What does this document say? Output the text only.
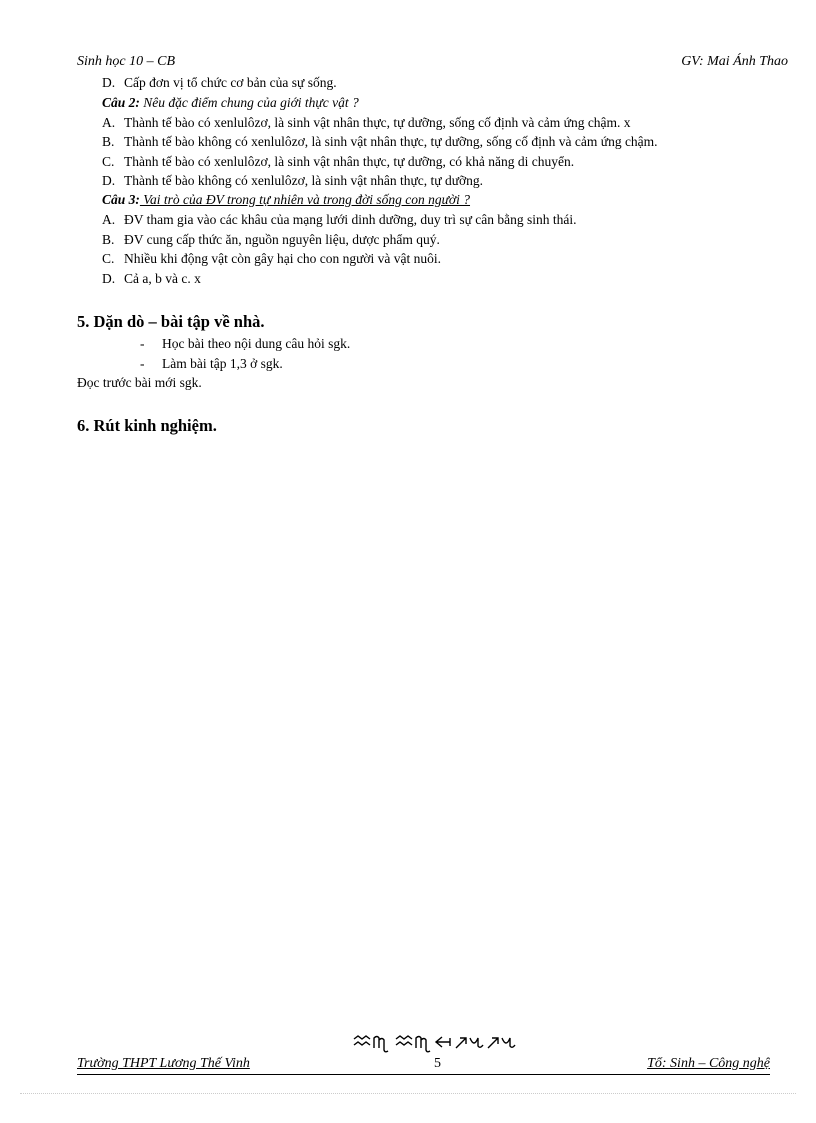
Sinh học 10 – CB	GV: Mai Ánh Thao
D. Cấp đơn vị tổ chức cơ bản của sự sống.
Câu 2: Nêu đặc điểm chung của giới thực vật ?
A. Thành tế bào có xenlulôzơ, là sinh vật nhân thực, tự dưỡng, sống cố định và cảm ứng chậm. x
B. Thành tế bào không có xenlulôzơ, là sinh vật nhân thực, tự dưỡng, sống cố định và cảm ứng chậm.
C. Thành tế bào có xenlulôzơ, là sinh vật nhân thực, tự dưỡng, có khả năng di chuyển.
D. Thành tế bào không có xenlulôzơ, là sinh vật nhân thực, tự dưỡng.
Câu 3: Vai trò của ĐV trong tự nhiên và trong đời sống con người ?
A. ĐV tham gia vào các khâu của mạng lưới dinh dưỡng, duy trì sự cân bằng sinh thái.
B. ĐV cung cấp thức ăn, nguồn nguyên liệu, dược phẩm quý.
C. Nhiều khi động vật còn gây hại cho con người và vật nuôi.
D. Cả a, b và c. x
5. Dặn dò – bài tập về nhà.
- Học bài theo nội dung câu hỏi sgk.
- Làm bài tập 1,3 ở sgk.
Đọc trước bài mới sgk.
6. Rút kinh nghiệm.
Trường THPT Lương Thế Vinh	5	Tổ: Sinh – Công nghệ
